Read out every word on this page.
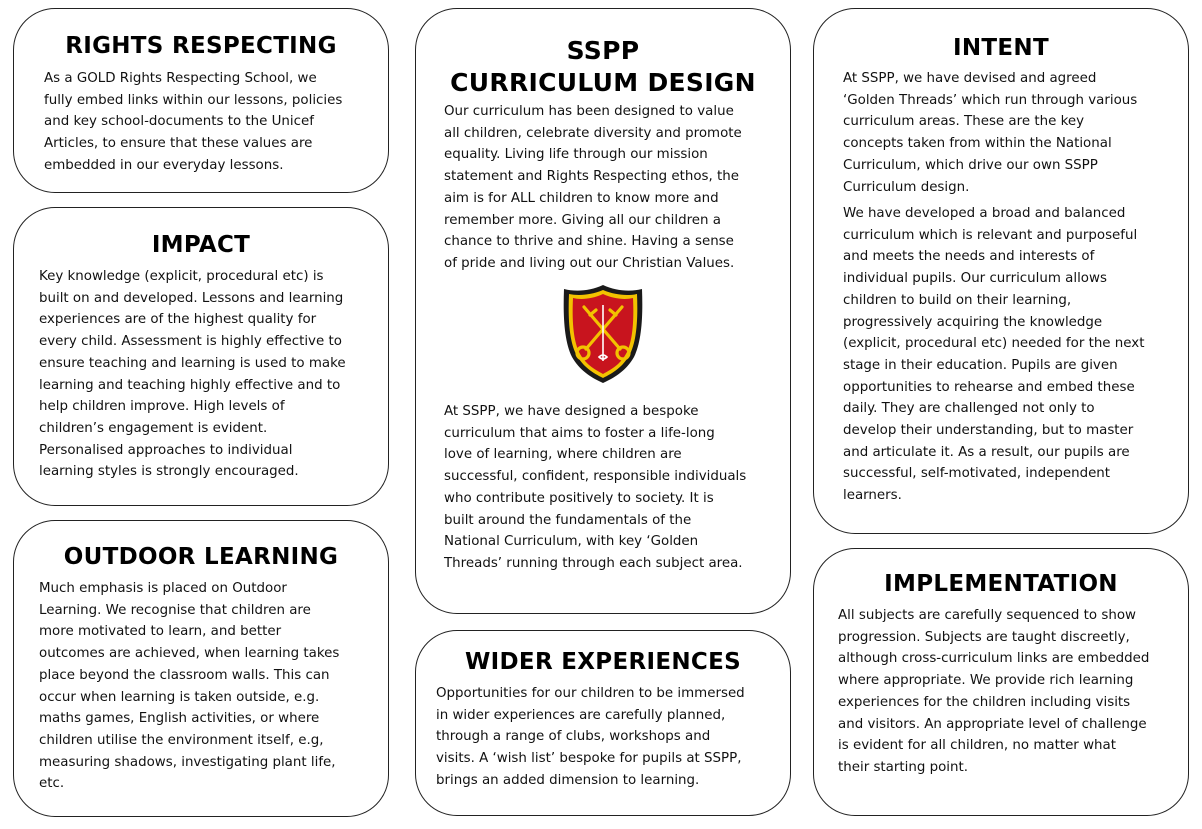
RIGHTS RESPECTING

As a GOLD Rights Respecting School, we
fully embed links within our lessons, policies
and key school-documents to the Unicef
Articles, to ensure that these values are
embedded in our everyday lessons.

IMPACT

Key knowledge (explicit, procedural etc) is
built on and developed. Lessons and learning
experiences are of the highest quality for
every child. Assessment is highly effective to
ensure teaching and learning is used to make
learning and teaching highly effective and to
help children improve. High levels of
children’s engagement is evident.
Personalised approaches to individual
learning styles is strongly encouraged.

OUTDOOR LEARNING

Much emphasis is placed on Outdoor
Learning. We recognise that children are
more motivated to learn, and better
outcomes are achieved, when learning takes
place beyond the classroom walls. This can
occur when learning is taken outside, e.g.
maths games, English activities, or where
children utilise the environment itself, e.g,
measuring shadows, investigating plant life,
etc.

SSPP
CURRICULUM DESIGN

Our curriculum has been designed to value
all children, celebrate diversity and promote
equality. Living life through our mission
statement and Rights Respecting ethos, the
aim is for ALL children to know more and
remember more. Giving all our children a
chance to thrive and shine. Having a sense
of pride and living out our Christian Values.

At SSPP, we have designed a bespoke
curriculum that aims to foster a life-long
love of learning, where children are
successful, confident, responsible individuals
who contribute positively to society. It is
built around the fundamentals of the
National Curriculum, with key ‘Golden
Threads’ running through each subject area.

WIDER EXPERIENCES

Opportunities for our children to be immersed
in wider experiences are carefully planned,
through a range of clubs, workshops and
visits. A ‘wish list’ bespoke for pupils at SSPP,
brings an added dimension to learning.

INTENT

At SSPP, we have devised and agreed
‘Golden Threads’ which run through various
curriculum areas. These are the key
concepts taken from within the National
Curriculum, which drive our own SSPP
Curriculum design.

We have developed a broad and balanced
curriculum which is relevant and purposeful
and meets the needs and interests of
individual pupils. Our curriculum allows
children to build on their learning,
progressively acquiring the knowledge
(explicit, procedural etc) needed for the next
stage in their education. Pupils are given
opportunities to rehearse and embed these
daily. They are challenged not only to
develop their understanding, but to master
and articulate it. As a result, our pupils are
successful, self-motivated, independent
learners.

IMPLEMENTATION

All subjects are carefully sequenced to show
progression. Subjects are taught discreetly,
although cross-curriculum links are embedded
where appropriate. We provide rich learning
experiences for the children including visits
and visitors. An appropriate level of challenge
is evident for all children, no matter what
their starting point.
